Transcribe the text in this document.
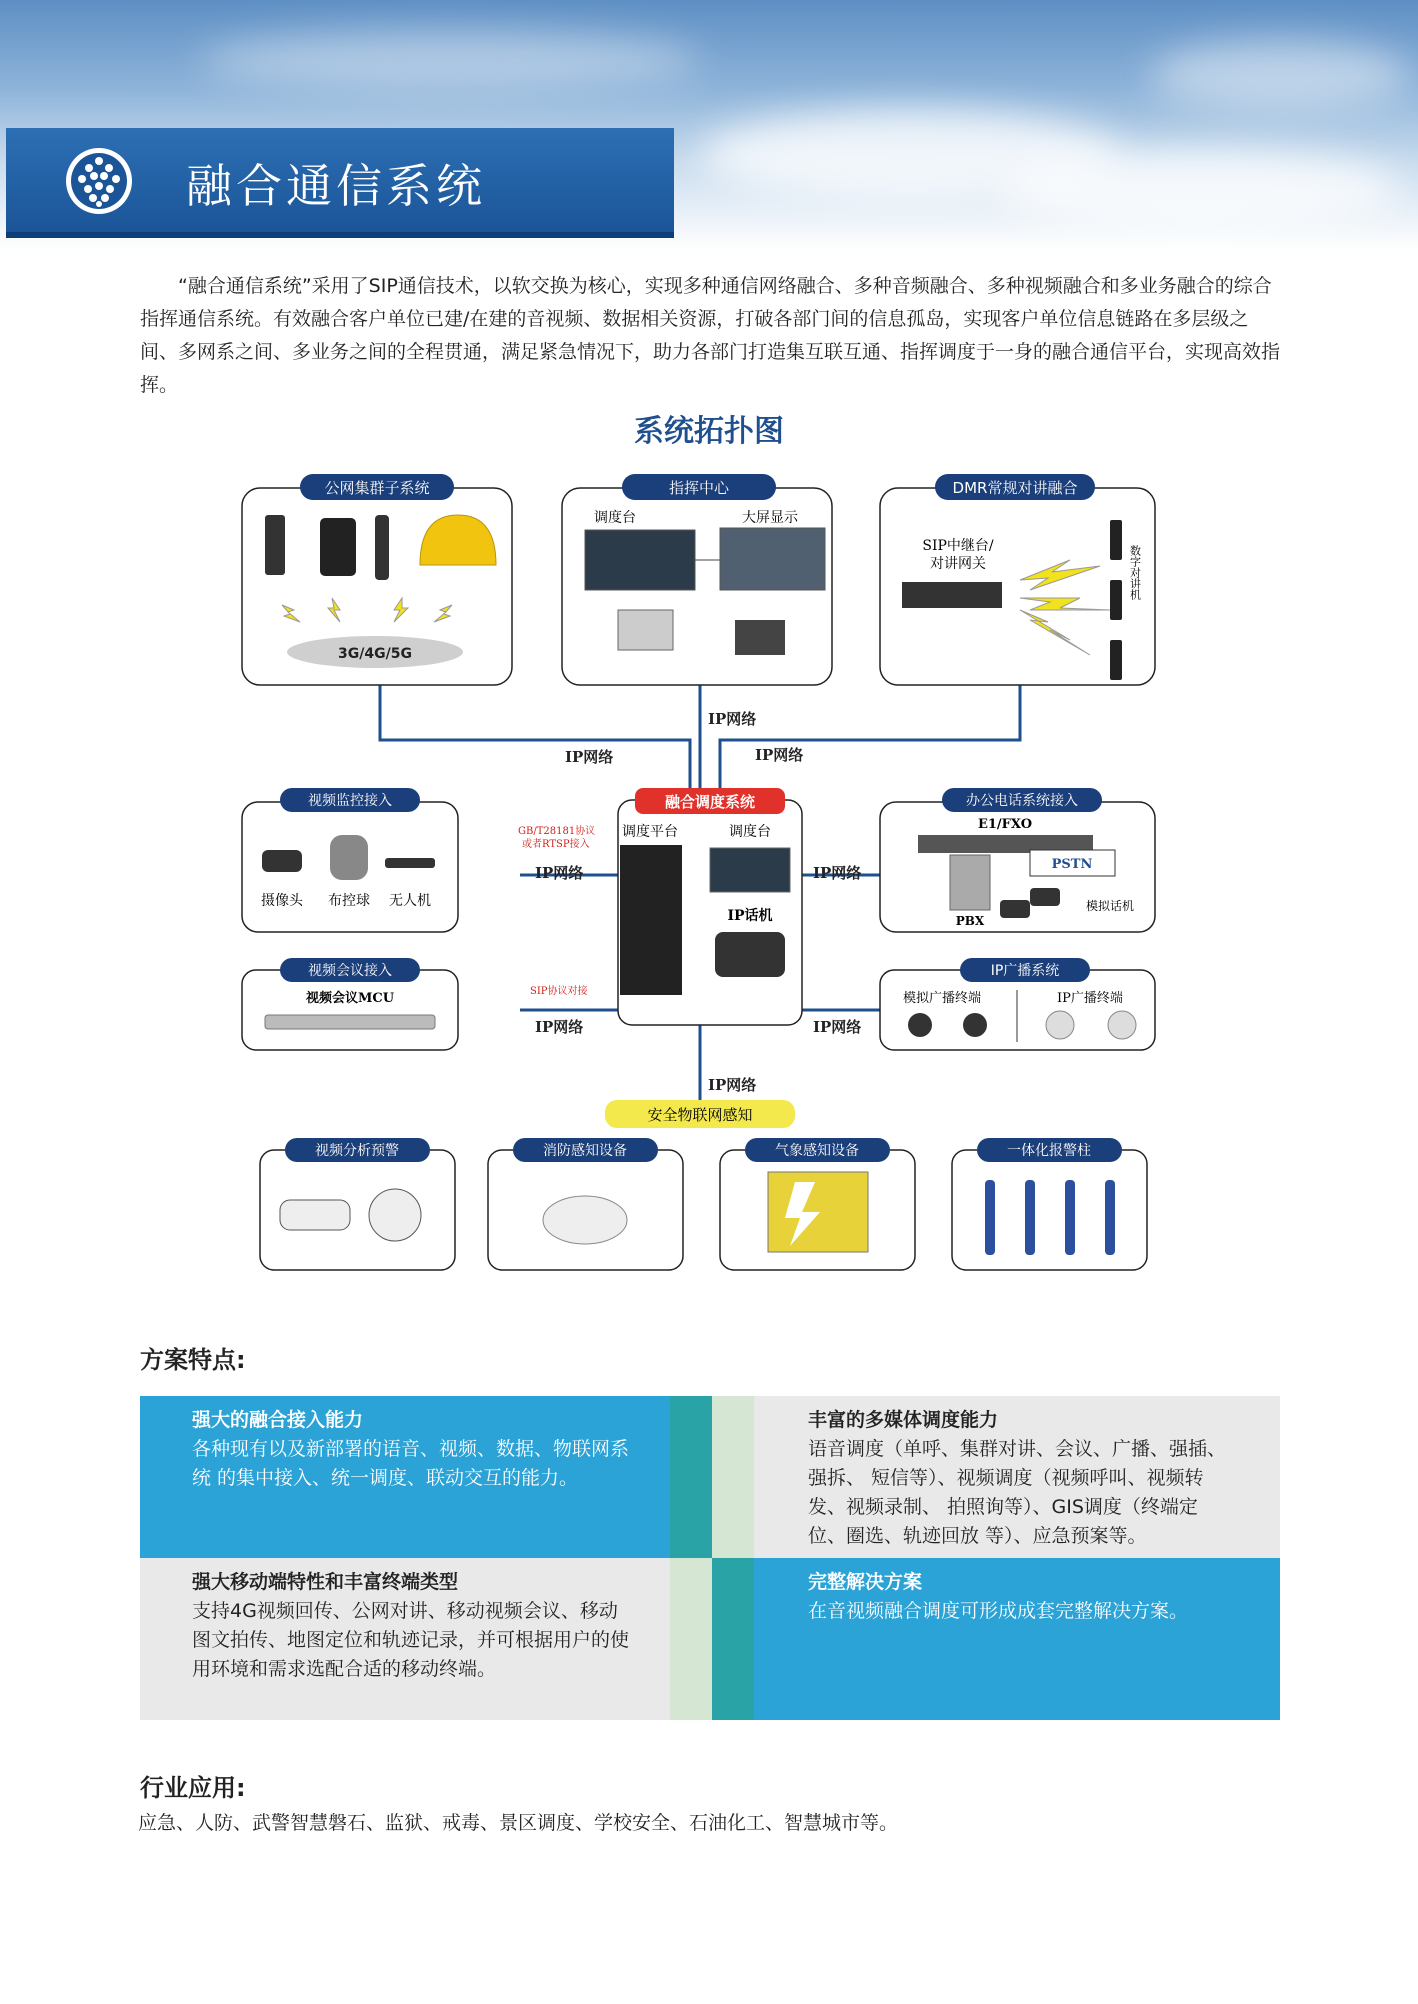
融合通信系统
“融合通信系统”采用了SIP通信技术，以软交换为核心，实现多种通信网络融合、多种音频融合、多种视频融合和多业务融合的综合指挥通信系统。有效融合客户单位已建/在建的音视频、数据相关资源，打破各部门间的信息孤岛，实现客户单位信息链路在多层级之间、多网系之间、多业务之间的全程贯通，满足紧急情况下，助力各部门打造集互联互通、指挥调度于一身的融合通信平台，实现高效指挥。
系统拓扑图
公网集群子系统
3G/4G/5G
指挥中心
调度台	大屏显示
DMR常规对讲融合
SIP中继台/
对讲网关	数字对讲机
视频监控接入
摄像头 布控球 无人机
融合调度系统
调度平台	调度台
IP话机
办公电话系统接入
E1/FXO
PSTN
PBX
模拟话机
视频会议接入
视频会议MCU
IP广播系统
模拟广播终端	IP广播终端
IP网络
IP网络	IP网络
IP网络	IP网络
IP网络	IP网络
IP网络
GB/T28181协议
或者RTSP接入
SIP协议对接
安全物联网感知
视频分析预警	消防感知设备	气象感知设备	一体化报警柱
方案特点:
强大的融合接入能力
各种现有以及新部署的语音、视频、数据、物联网系统 的集中接入、统一调度、联动交互的能力。
丰富的多媒体调度能力
语音调度（单呼、集群对讲、会议、广播、强插、强拆、 短信等）、视频调度（视频呼叫、视频转发、视频录制、 拍照询等）、GIS调度（终端定位、圈选、轨迹回放 等）、应急预案等。
强大移动端特性和丰富终端类型
支持4G视频回传、公网对讲、移动视频会议、移动图文拍传、地图定位和轨迹记录，并可根据用户的使用环境和需求选配合适的移动终端。
完整解决方案
在音视频融合调度可形成成套完整解决方案。
行业应用:
应急、人防、武警智慧磐石、监狱、戒毒、景区调度、学校安全、石油化工、智慧城市等。
